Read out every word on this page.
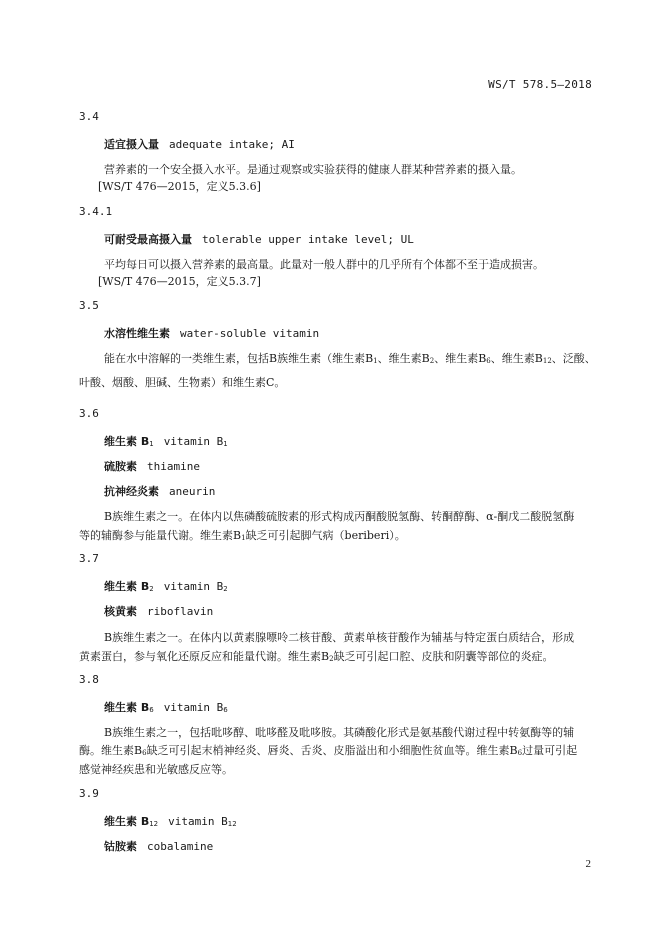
WS/T 578.5—2018
3.4
适宜摄入量 adequate intake; AI
营养素的一个安全摄入水平。是通过观察或实验获得的健康人群某种营养素的摄入量。
[WS/T 476—2015，定义5.3.6]
3.4.1
可耐受最高摄入量 tolerable upper intake level; UL
平均每日可以摄入营养素的最高量。此量对一般人群中的几乎所有个体都不至于造成损害。
[WS/T 476—2015，定义5.3.7]
3.5
水溶性维生素 water-soluble vitamin
能在水中溶解的一类维生素，包括B族维生素（维生素$B_1$、维生素$B_2$、维生素$B_6$、维生素$B_{12}$、泛酸、
叶酸、烟酸、胆碱、生物素）和维生素C。
3.6
维生素 $B_1$ vitamin $B_1$
硫胺素 thiamine
抗神经炎素 aneurin
B族维生素之一。在体内以焦磷酸硫胺素的形式构成丙酮酸脱氢酶、转酮醇酶、α-酮戊二酸脱氢酶
等的辅酶参与能量代谢。维生素$B_1$缺乏可引起脚气病（beriberi）。
3.7
维生素 $B_2$ vitamin $B_2$
核黄素 riboflavin
B族维生素之一。在体内以黄素腺嘌呤二核苷酸、黄素单核苷酸作为辅基与特定蛋白质结合，形成
黄素蛋白，参与氧化还原反应和能量代谢。维生素$B_2$缺乏可引起口腔、皮肤和阴囊等部位的炎症。
3.8
维生素 $B_6$ vitamin $B_6$
B族维生素之一，包括吡哆醇、吡哆醛及吡哆胺。其磷酸化形式是氨基酸代谢过程中转氨酶等的辅
酶。维生素$B_6$缺乏可引起末梢神经炎、唇炎、舌炎、皮脂溢出和小细胞性贫血等。维生素$B_6$过量可引起
感觉神经疾患和光敏感反应等。
3.9
维生素 $B_{12}$ vitamin $B_{12}$
钴胺素 cobalamine
2
